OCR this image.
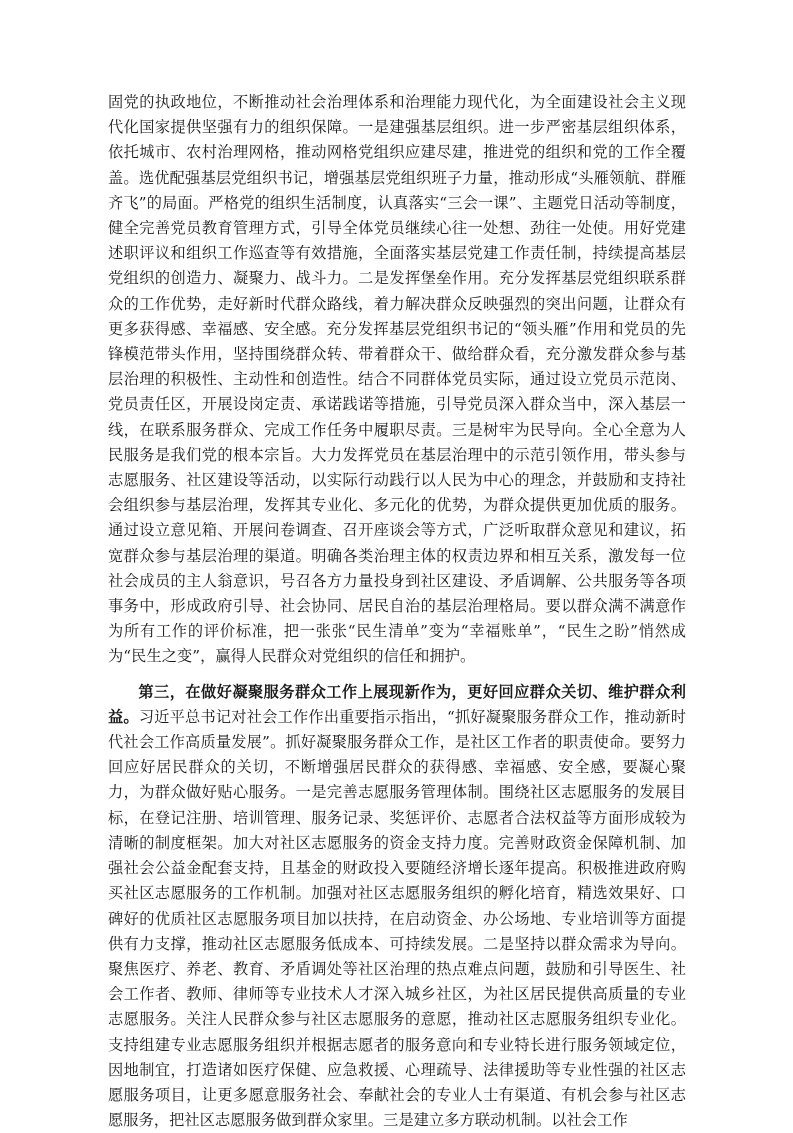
固党的执政地位，不断推动社会治理体系和治理能力现代化，为全面建设社会主义现代化国家提供坚强有力的组织保障。一是建强基层组织。进一步严密基层组织体系，依托城市、农村治理网格，推动网格党组织应建尽建，推进党的组织和党的工作全覆盖。选优配强基层党组织书记，增强基层党组织班子力量，推动形成“头雁领航、群雁齐飞”的局面。严格党的组织生活制度，认真落实“三会一课”、主题党日活动等制度，健全完善党员教育管理方式，引导全体党员继续心往一处想、劲往一处使。用好党建述职评议和组织工作巡查等有效措施，全面落实基层党建工作责任制，持续提高基层党组织的创造力、凝聚力、战斗力。二是发挥堡垒作用。充分发挥基层党组织联系群众的工作优势，走好新时代群众路线，着力解决群众反映强烈的突出问题，让群众有更多获得感、幸福感、安全感。充分发挥基层党组织书记的“领头雁”作用和党员的先锋模范带头作用，坚持围绕群众转、带着群众干、做给群众看，充分激发群众参与基层治理的积极性、主动性和创造性。结合不同群体党员实际，通过设立党员示范岗、党员责任区，开展设岗定责、承诺践诺等措施，引导党员深入群众当中，深入基层一线，在联系服务群众、完成工作任务中履职尽责。三是树牢为民导向。全心全意为人民服务是我们党的根本宗旨。大力发挥党员在基层治理中的示范引领作用，带头参与志愿服务、社区建设等活动，以实际行动践行以人民为中心的理念，并鼓励和支持社会组织参与基层治理，发挥其专业化、多元化的优势，为群众提供更加优质的服务。通过设立意见箱、开展问卷调查、召开座谈会等方式，广泛听取群众意见和建议，拓宽群众参与基层治理的渠道。明确各类治理主体的权责边界和相互关系，激发每一位社会成员的主人翁意识，号召各方力量投身到社区建设、矛盾调解、公共服务等各项事务中，形成政府引导、社会协同、居民自治的基层治理格局。要以群众满不满意作为所有工作的评价标准，把一张张“民生清单”变为“幸福账单”，“民生之盼”悄然成为“民生之变”，赢得人民群众对党组织的信任和拥护。

第三，在做好凝聚服务群众工作上展现新作为，更好回应群众关切、维护群众利益。习近平总书记对社会工作作出重要指示指出，“抓好凝聚服务群众工作，推动新时代社会工作高质量发展”。抓好凝聚服务群众工作，是社区工作者的职责使命。要努力回应好居民群众的关切，不断增强居民群众的获得感、幸福感、安全感，要凝心聚力，为群众做好贴心服务。一是完善志愿服务管理体制。围绕社区志愿服务的发展目标，在登记注册、培训管理、服务记录、奖惩评价、志愿者合法权益等方面形成较为清晰的制度框架。加大对社区志愿服务的资金支持力度。完善财政资金保障机制、加强社会公益金配套支持，且基金的财政投入要随经济增长逐年提高。积极推进政府购买社区志愿服务的工作机制。加强对社区志愿服务组织的孵化培育，精选效果好、口碑好的优质社区志愿服务项目加以扶持，在启动资金、办公场地、专业培训等方面提供有力支撑，推动社区志愿服务低成本、可持续发展。二是坚持以群众需求为导向。聚焦医疗、养老、教育、矛盾调处等社区治理的热点难点问题，鼓励和引导医生、社会工作者、教师、律师等专业技术人才深入城乡社区，为社区居民提供高质量的专业志愿服务。关注人民群众参与社区志愿服务的意愿，推动社区志愿服务组织专业化。支持组建专业志愿服务组织并根据志愿者的服务意向和专业特长进行服务领域定位，因地制宜，打造诸如医疗保健、应急救援、心理疏导、法律援助等专业性强的社区志愿服务项目，让更多愿意服务社会、奉献社会的专业人士有渠道、有机会参与社区志愿服务，把社区志愿服务做到群众家里。三是建立多方联动机制。以社会工作
